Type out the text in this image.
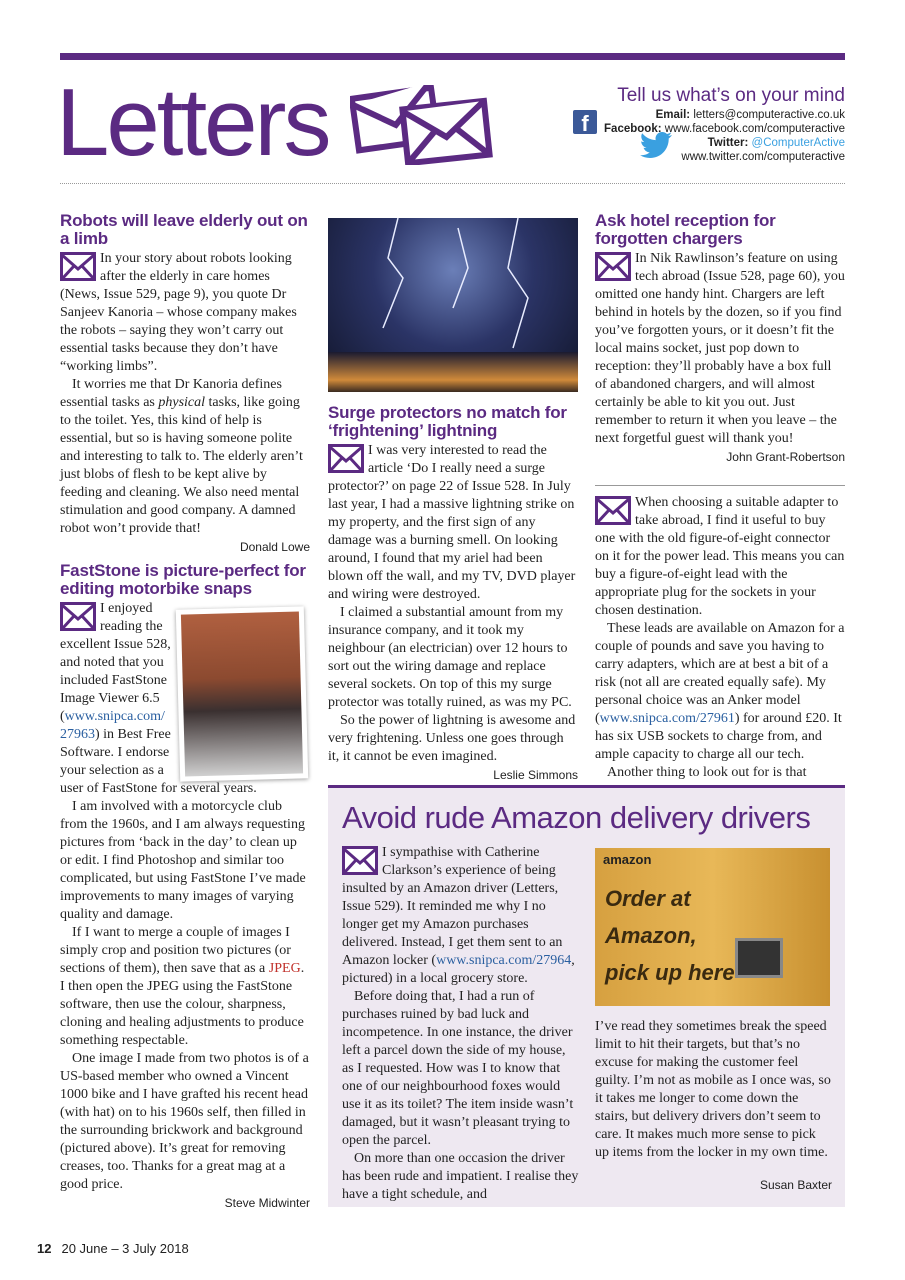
Letters	f
Tell us what’s on your mind
Email: letters@computeractive.co.uk
Facebook: www.facebook.com/computeractive
Twitter: @ComputerActive
www.twitter.com/computeractive
Robots will leave elderly out on a limb

In your story about robots looking after the elderly in care homes (News, Issue 529, page 9), you quote Dr Sanjeev Kanoria – whose company makes the robots – saying they won’t carry out essential tasks because they don’t have “working limbs”.

It worries me that Dr Kanoria defines essential tasks as physical tasks, like going to the toilet. Yes, this kind of help is essential, but so is having someone polite and interesting to talk to. The elderly aren’t just blobs of flesh to be kept alive by feeding and cleaning. We also need mental stimulation and good company. A damned robot won’t provide that!

Donald Lowe
FastStone is picture-perfect for editing motorbike snaps

I enjoyed reading the excellent Issue 528, and noted that you included FastStone Image Viewer 6.5 (www.snipca.com/ 27963) in Best Free Software. I endorse your selection as a user of FastStone for several years.

I am involved with a motorcycle club from the 1960s, and I am always requesting pictures from ‘back in the day’ to clean up or edit. I find Photoshop and similar too complicated, but using FastStone I’ve made improvements to many images of varying quality and damage.

If I want to merge a couple of images I simply crop and position two pictures (or sections of them), then save that as a JPEG. I then open the JPEG using the FastStone software, then use the colour, sharpness, cloning and healing adjustments to produce something respectable.

One image I made from two photos is of a US-based member who owned a Vincent 1000 bike and I have grafted his recent head (with hat) on to his 1960s self, then filled in the surrounding brickwork and background (pictured above). It’s great for removing creases, too. Thanks for a great mag at a good price.

Steve Midwinter
Surge protectors no match for ‘frightening’ lightning

I was very interested to read the article ‘Do I really need a surge protector?’ on page 22 of Issue 528. In July last year, I had a massive lightning strike on my property, and the first sign of any damage was a burning smell. On looking around, I found that my ariel had been blown off the wall, and my TV, DVD player and wiring were destroyed.

I claimed a substantial amount from my insurance company, and it took my neighbour (an electrician) over 12 hours to sort out the wiring damage and replace several sockets. On top of this my surge protector was totally ruined, as was my PC.

So the power of lightning is awesome and very frightening. Unless one goes through it, it cannot be even imagined.

Leslie Simmons
Ask hotel reception for forgotten chargers

In Nik Rawlinson’s feature on using tech abroad (Issue 528, page 60), you omitted one handy hint. Chargers are left behind in hotels by the dozen, so if you find you’ve forgotten yours, or it doesn’t fit the local mains socket, just pop down to reception: they’ll probably have a box full of abandoned chargers, and will almost certainly be able to kit you out. Just remember to return it when you leave – the next forgetful guest will thank you!

John Grant-Robertson

When choosing a suitable adapter to take abroad, I find it useful to buy one with the old figure-of-eight connector on it for the power lead. This means you can buy a figure-of-eight lead with the appropriate plug for the sockets in your chosen destination.

These leads are available on Amazon for a couple of pounds and save you having to carry adapters, which are at best a bit of a risk (not all are created equally safe). My personal choice was an Anker model (www.snipca.com/27961) for around £20. It has six USB sockets to charge from, and ample capacity to charge all our tech.

Another thing to look out for is that

Avoid rude Amazon delivery drivers

I sympathise with Catherine Clarkson’s experience of being insulted by an Amazon driver (Letters, Issue 529). It reminded me why I no longer get my Amazon purchases delivered. Instead, I get them sent to an Amazon locker (www.snipca.com/27964, pictured) in a local grocery store.

Before doing that, I had a run of purchases ruined by bad luck and incompetence. In one instance, the driver left a parcel down the side of my house, as I requested. How was I to know that one of our neighbourhood foxes would use it as its toilet? The item inside wasn’t damaged, but it wasn’t pleasant trying to open the parcel.

On more than one occasion the driver has been rude and impatient. I realise they have a tight schedule, and

amazon
Order at
Amazon,
pick up here

I’ve read they sometimes break the speed limit to hit their targets, but that’s no excuse for making the customer feel guilty. I’m not as mobile as I once was, so it takes me longer to come down the stairs, but delivery drivers don’t seem to care. It makes much more sense to pick up items from the locker in my own time.

Susan Baxter
12 20 June – 3 July 2018
